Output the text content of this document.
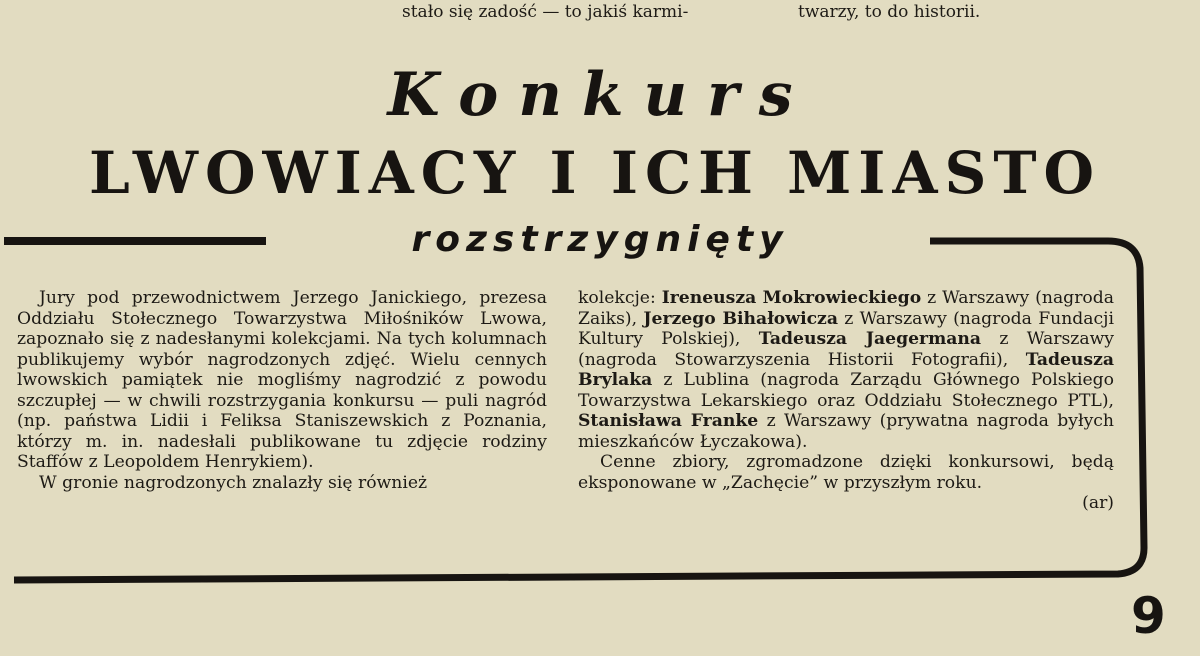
stało się zadość — to jakiś karmi-	twarzy, to do historii.
Konkurs
LWOWIACY I ICH MIASTO
rozstrzygnięty

Jury pod przewodnictwem Jerzego Janickiego, prezesa Oddziału Stołecznego Towarzystwa Miłośników Lwowa, zapoznało się z nadesłanymi kolekcjami. Na tych kolumnach publikujemy wybór nagrodzonych zdjęć. Wielu cennych lwowskich pamiątek nie mogliśmy nagrodzić z powodu szczupłej — w chwili rozstrzygania konkursu — puli nagród (np. państwa Lidii i Feliksa Staniszewskich z Poznania, którzy m. in. nadesłali publikowane tu zdjęcie rodziny Staffów z Leopoldem Henrykiem).

W gronie nagrodzonych znalazły się również

kolekcje: Ireneusza Mokrowieckiego z Warszawy (nagroda Zaiks), Jerzego Bihałowicza z Warszawy (nagroda Fundacji Kultury Polskiej), Tadeusza Jaegermana z Warszawy (nagroda Stowarzyszenia Historii Fotografii), Tadeusza Brylaka z Lublina (nagroda Zarządu Głównego Polskiego Towarzystwa Lekarskiego oraz Oddziału Stołecznego PTL), Stanisława Franke z Warszawy (prywatna nagroda byłych mieszkańców Łyczakowa).

Cenne zbiory, zgromadzone dzięki konkursowi, będą eksponowane w „Zachęcie” w przyszłym roku.

(ar)
9
